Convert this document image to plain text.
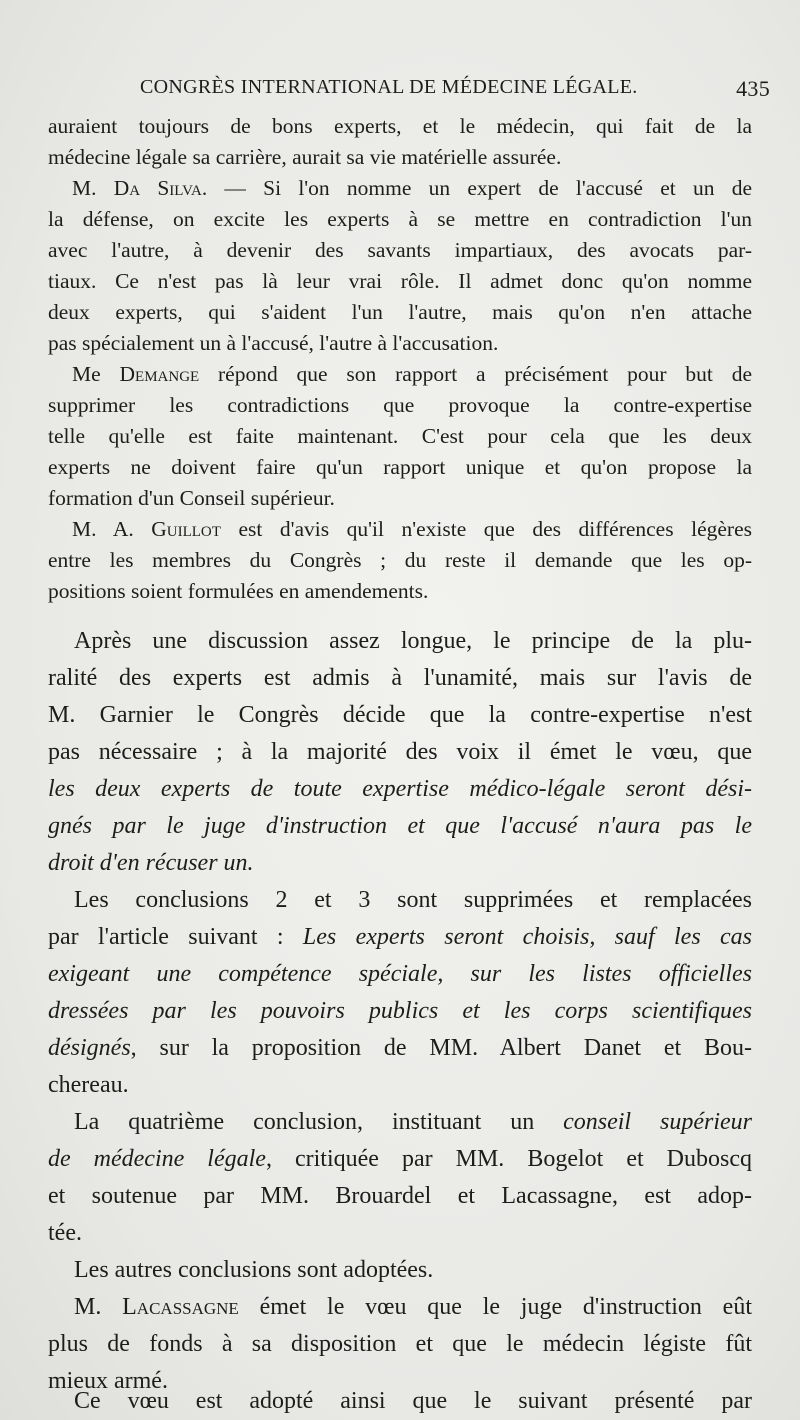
CONGRÈS INTERNATIONAL DE MÉDECINE LÉGALE.	435
auraient toujours de bons experts, et le médecin, qui fait de la
médecine légale sa carrière, aurait sa vie matérielle assurée.
M. Da Silva. — Si l'on nomme un expert de l'accusé et un de
la défense, on excite les experts à se mettre en contradiction l'un
avec l'autre, à devenir des savants impartiaux, des avocats par-
tiaux. Ce n'est pas là leur vrai rôle. Il admet donc qu'on nomme
deux experts, qui s'aident l'un l'autre, mais qu'on n'en attache
pas spécialement un à l'accusé, l'autre à l'accusation.
Me Demange répond que son rapport a précisément pour but de
supprimer les contradictions que provoque la contre-expertise
telle qu'elle est faite maintenant. C'est pour cela que les deux
experts ne doivent faire qu'un rapport unique et qu'on propose la
formation d'un Conseil supérieur.
M. A. Guillot est d'avis qu'il n'existe que des différences légères
entre les membres du Congrès ; du reste il demande que les op-
positions soient formulées en amendements.
Après une discussion assez longue, le principe de la plu-
ralité des experts est admis à l'unamité, mais sur l'avis de
M. Garnier le Congrès décide que la contre-expertise n'est
pas nécessaire ; à la majorité des voix il émet le vœu, que
les deux experts de toute expertise médico-légale seront dési-
gnés par le juge d'instruction et que l'accusé n'aura pas le
droit d'en récuser un.
Les conclusions 2 et 3 sont supprimées et remplacées
par l'article suivant : Les experts seront choisis, sauf les cas
exigeant une compétence spéciale, sur les listes officielles
dressées par les pouvoirs publics et les corps scientifiques
désignés, sur la proposition de MM. Albert Danet et Bou-
chereau.
La quatrième conclusion, instituant un conseil supérieur
de médecine légale, critiquée par MM. Bogelot et Duboscq
et soutenue par MM. Brouardel et Lacassagne, est adop-
tée.
Les autres conclusions sont adoptées.
M. Lacassagne émet le vœu que le juge d'instruction eût
plus de fonds à sa disposition et que le médecin légiste fût
mieux armé.
Ce vœu est adopté ainsi que le suivant présenté par
